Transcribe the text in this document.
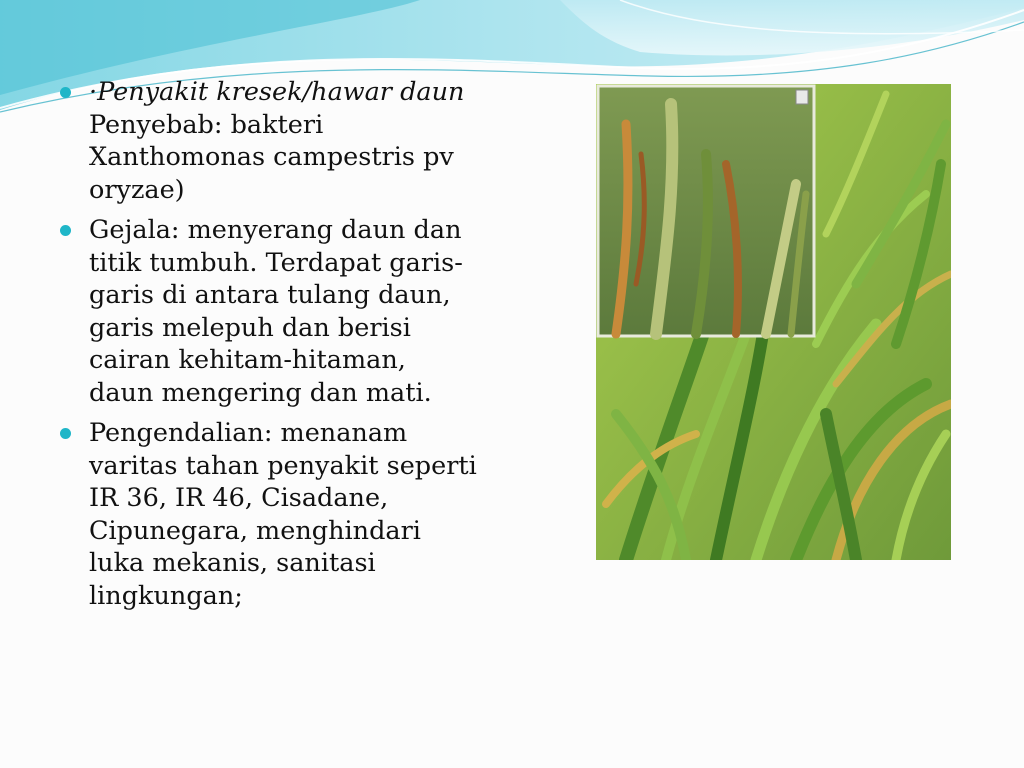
·Penyakit kresek/hawar daun
Penyebab: bakteri
Xanthomonas campestris pv
oryzae)
Gejala: menyerang daun dan
titik tumbuh. Terdapat garis-
garis di antara tulang daun,
garis melepuh dan berisi
cairan kehitam-hitaman,
daun mengering dan mati.
Pengendalian: menanam
varitas tahan penyakit seperti
IR 36, IR 46, Cisadane,
Cipunegara, menghindari
luka mekanis, sanitasi
lingkungan;
